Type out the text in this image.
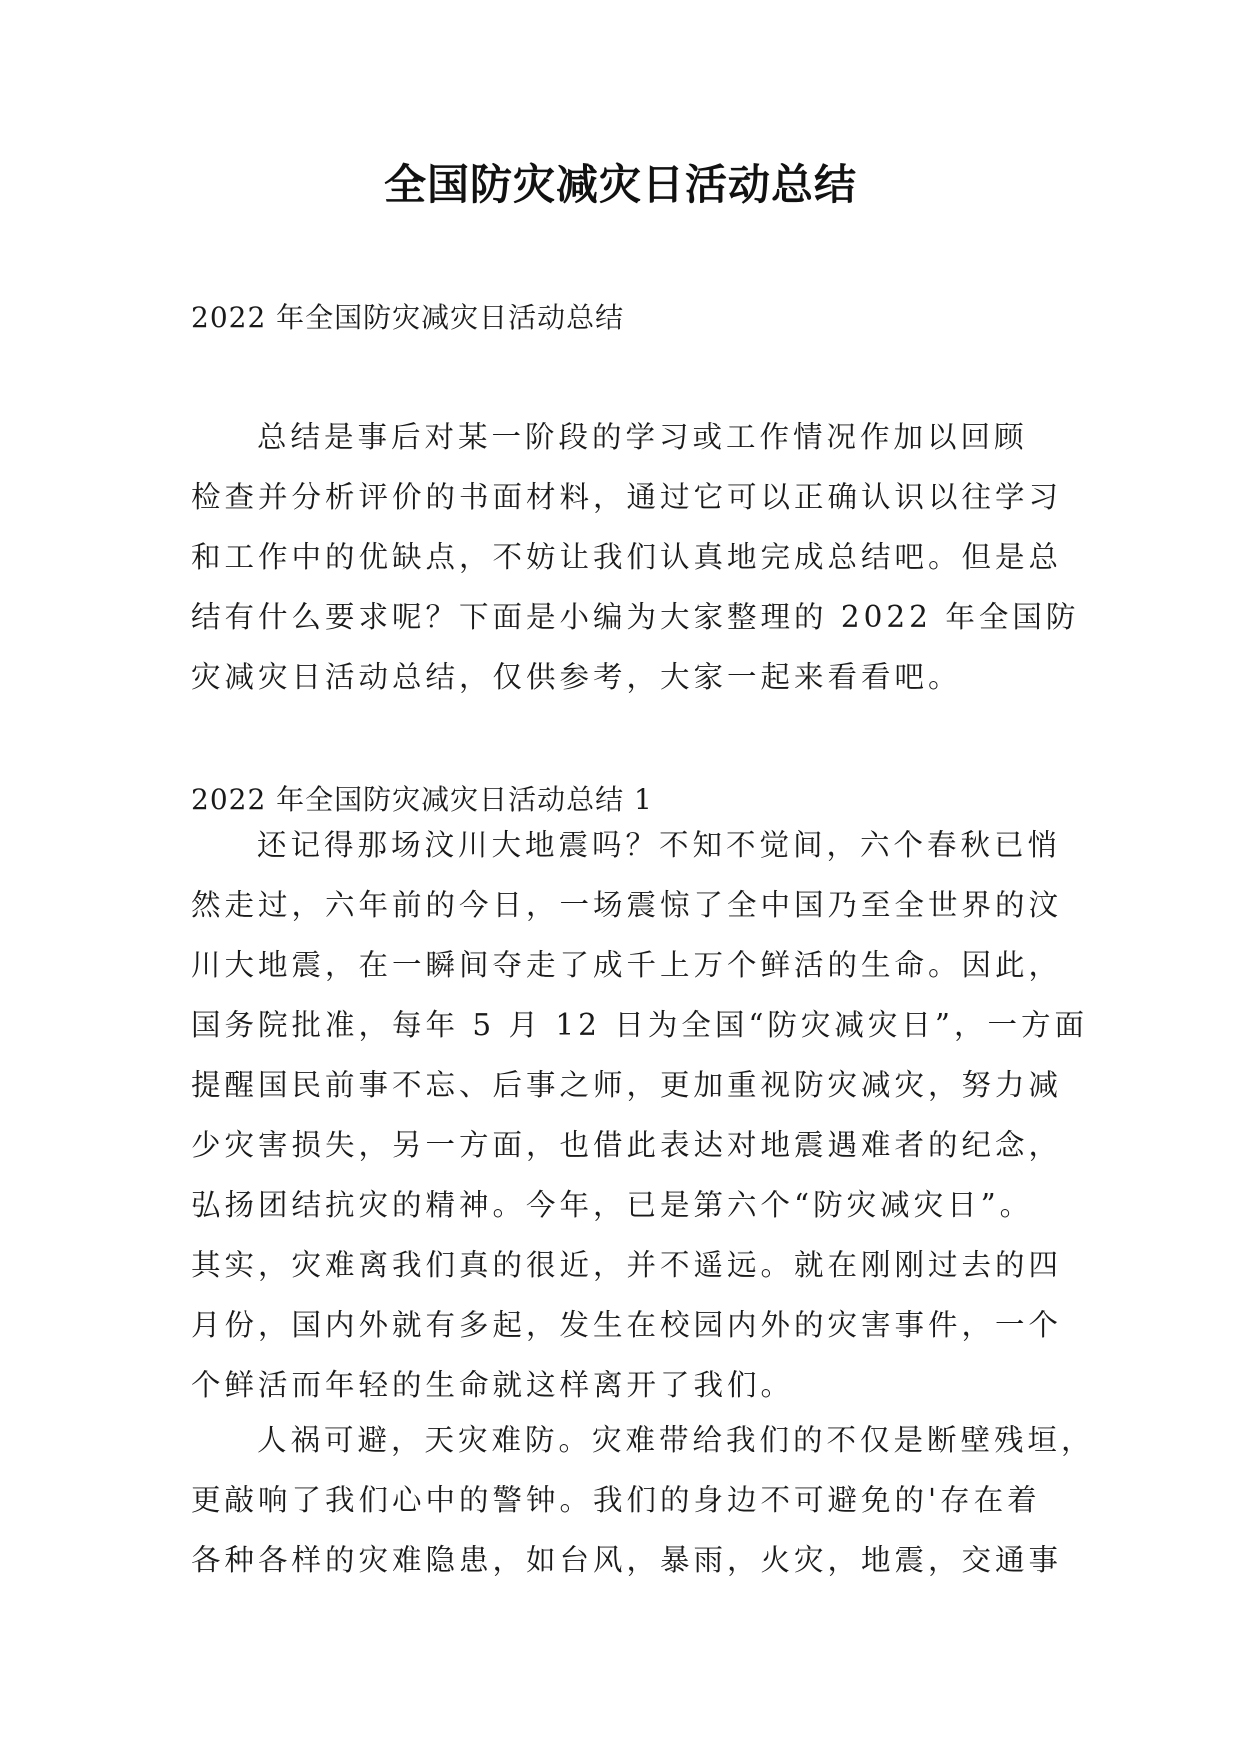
全国防灾减灾日活动总结
2022 年全国防灾减灾日活动总结
总结是事后对某一阶段的学习或工作情况作加以回顾
检查并分析评价的书面材料，通过它可以正确认识以往学习
和工作中的优缺点，不妨让我们认真地完成总结吧。但是总
结有什么要求呢？下面是小编为大家整理的 2022 年全国防
灾减灾日活动总结，仅供参考，大家一起来看看吧。
2022 年全国防灾减灾日活动总结 1
还记得那场汶川大地震吗？不知不觉间，六个春秋已悄
然走过，六年前的今日，一场震惊了全中国乃至全世界的汶
川大地震，在一瞬间夺走了成千上万个鲜活的生命。因此，
国务院批准，每年 5 月 12 日为全国“防灾减灾日”，一方面
提醒国民前事不忘、后事之师，更加重视防灾减灾，努力减
少灾害损失，另一方面，也借此表达对地震遇难者的纪念，
弘扬团结抗灾的精神。今年，已是第六个“防灾减灾日”。
其实，灾难离我们真的很近，并不遥远。就在刚刚过去的四
月份，国内外就有多起，发生在校园内外的灾害事件，一个
个鲜活而年轻的生命就这样离开了我们。
人祸可避，天灾难防。灾难带给我们的不仅是断壁残垣，
更敲响了我们心中的警钟。我们的身边不可避免的'存在着
各种各样的灾难隐患，如台风，暴雨，火灾，地震，交通事
